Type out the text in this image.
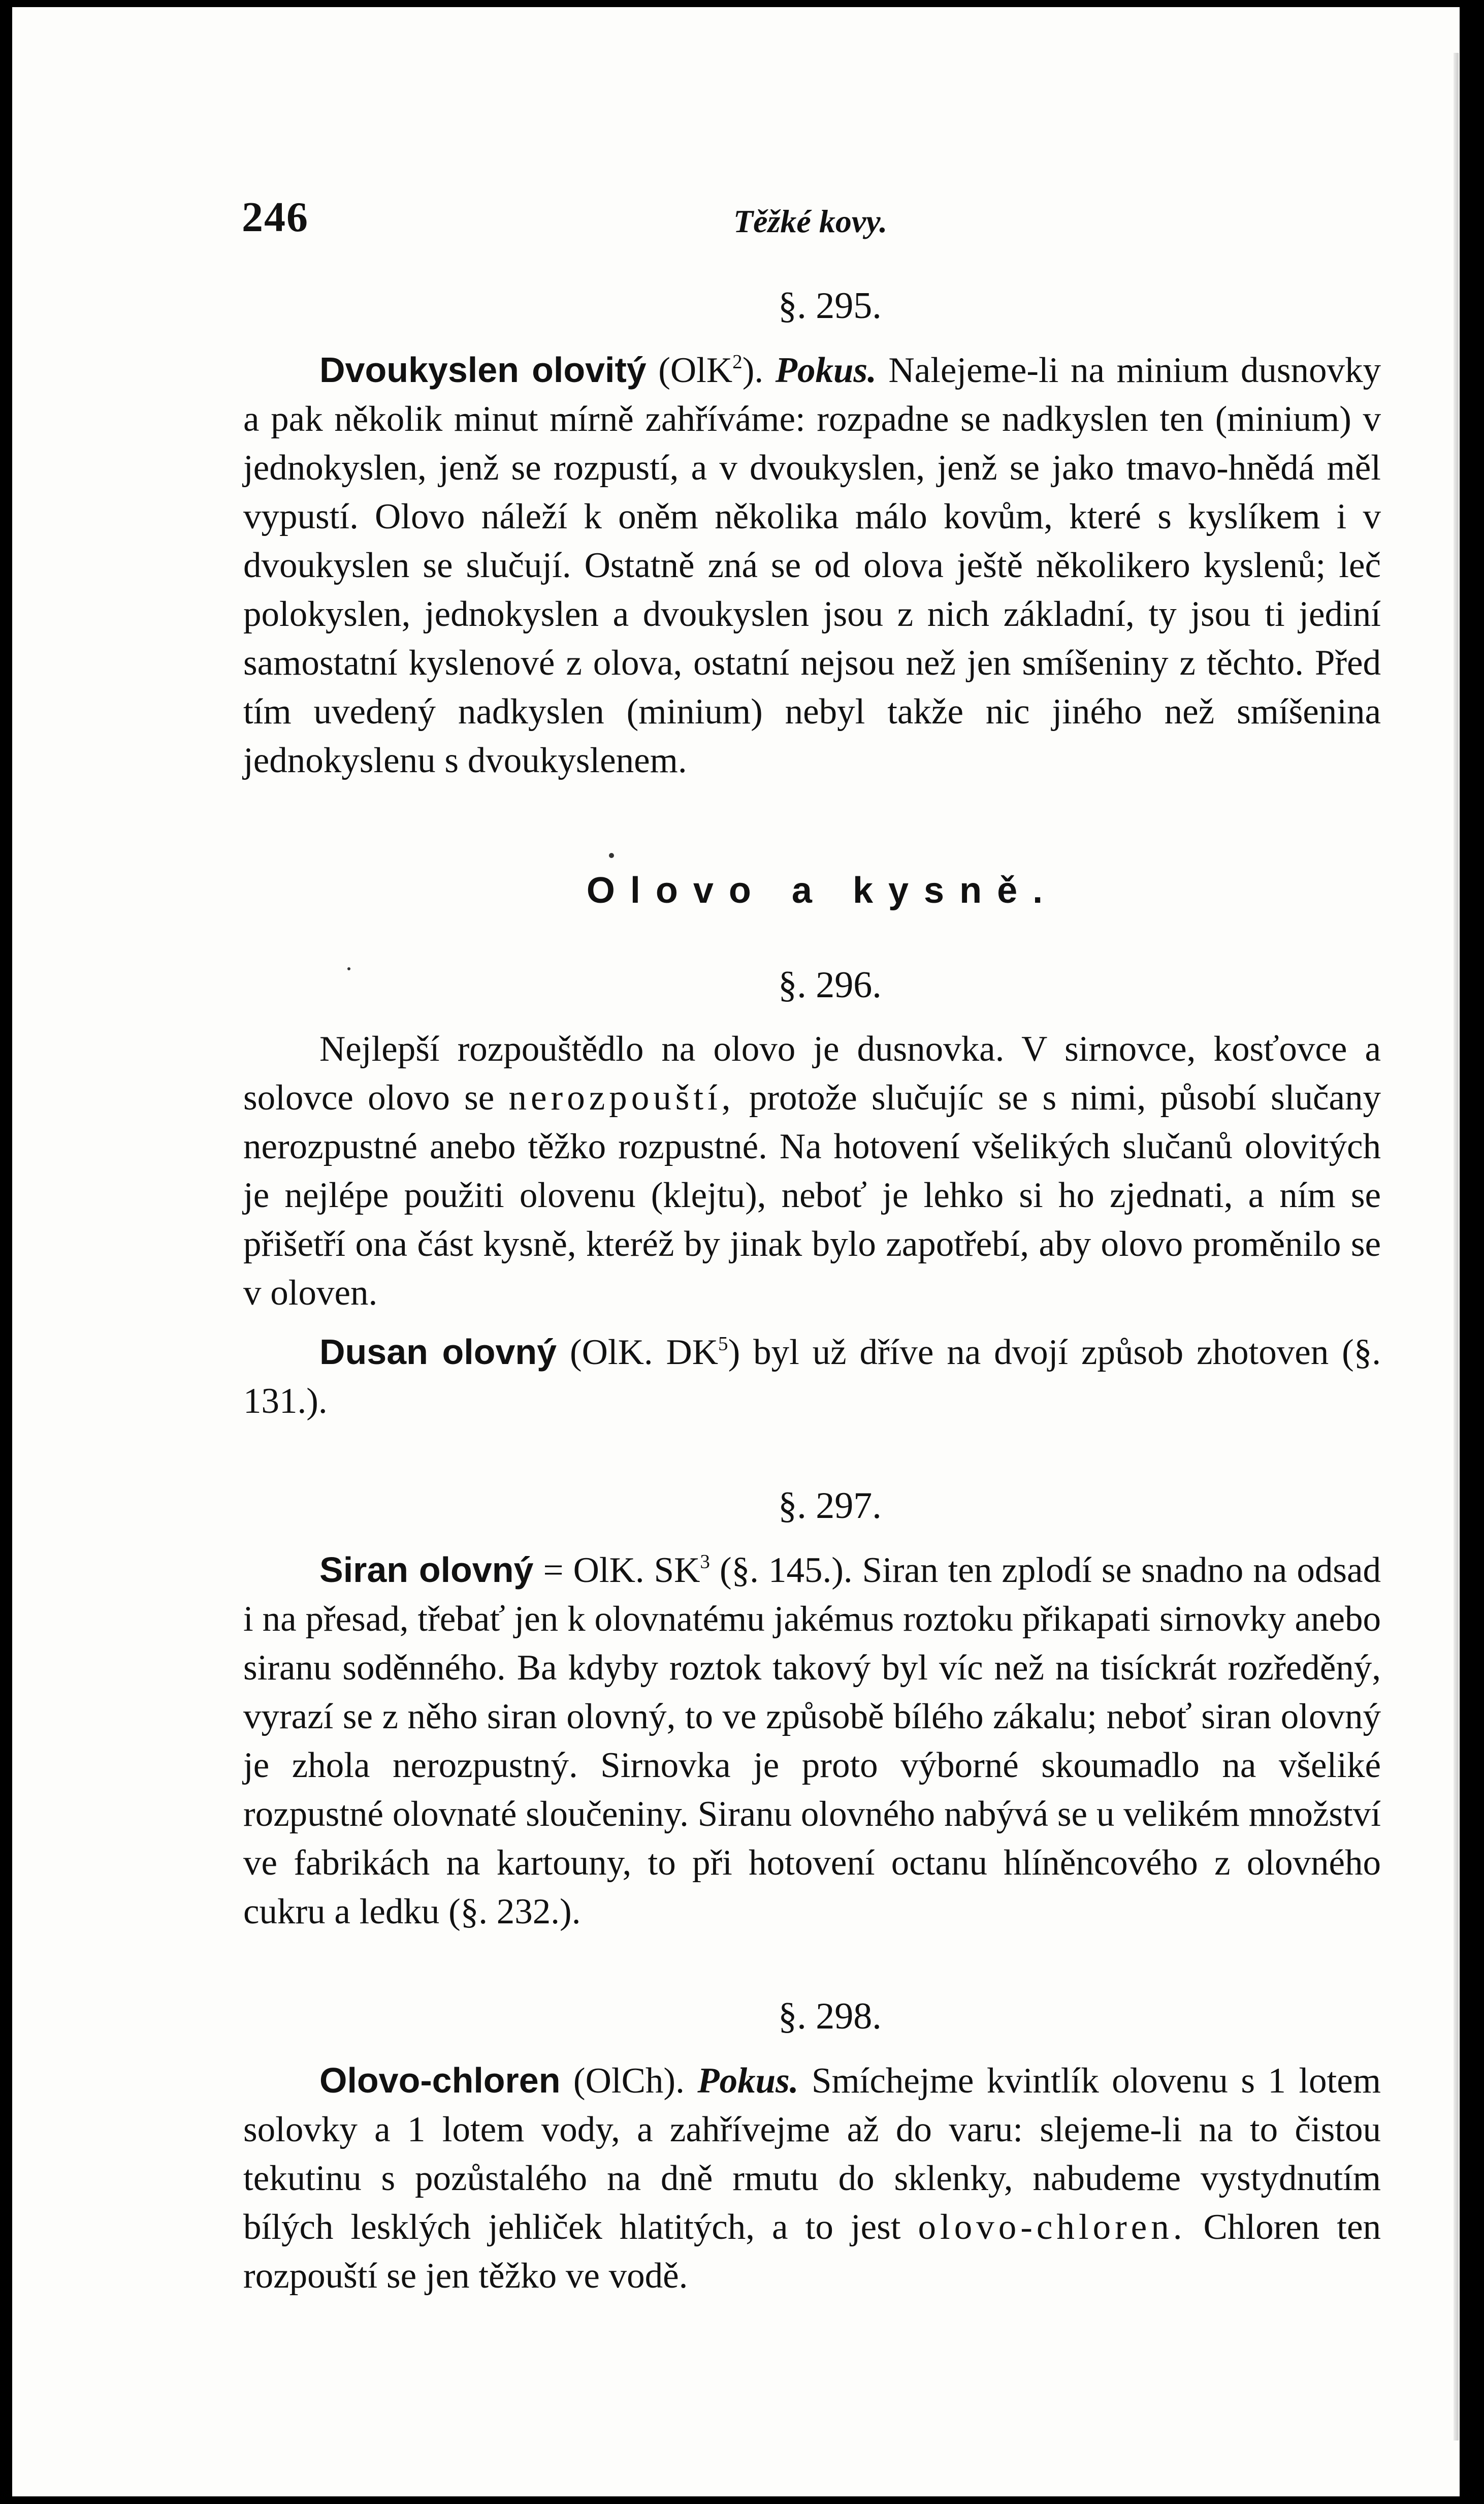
246	Těžké kovy.

§. 295.

Dvoukyslen olovitý (OlK$^2$). Pokus. Nalejeme-li na minium dusnovky a pak několik minut mírně zahříváme: rozpadne se nadkyslen ten (minium) v jednokyslen, jenž se rozpustí, a v dvoukyslen, jenž se jako tmavo-hnědá měl vypustí. Olovo náleží k oněm několika málo kovům, které s kyslíkem i v dvoukyslen se slučují. Ostatně zná se od olova ještě několikero kyslenů; leč polokyslen, jednokyslen a dvoukyslen jsou z nich základní, ty jsou ti jediní samostatní kyslenové z olova, ostatní nejsou než jen smíšeniny z těchto. Před tím uvedený nadkyslen (minium) nebyl takže nic jiného než smíšenina jednokyslenu s dvoukyslenem.

Olovo a kysně.

§. 296.

Nejlepší rozpouštědlo na olovo je dusnovka. V sirnovce, kosťovce a solovce olovo se nerozpouští, protože slučujíc se s nimi, působí slučany nerozpustné anebo těžko rozpustné. Na hotovení všelikých slučanů olovitých je nejlépe použiti olovenu (klejtu), neboť je lehko si ho zjednati, a ním se přišetří ona část kysně, kteréž by jinak bylo zapotřebí, aby olovo proměnilo se v oloven.

Dusan olovný (OlK. $DK^5$) byl už dříve na dvojí způsob zhotoven (§. 131.).

§. 297.

Siran olovný = OlK. $SK^3$ (§. 145.). Siran ten zplodí se snadno na odsad i na přesad, třebať jen k olovnatému jakémus roztoku přikapati sirnovky anebo siranu soděnného. Ba kdyby roztok takový byl víc než na tisíckrát rozředěný, vyrazí se z něho siran olovný, to ve způsobě bílého zákalu; neboť siran olovný je zhola nerozpustný. Sirnovka je proto výborné skoumadlo na všeliké rozpustné olovnaté sloučeniny. Siranu olovného nabývá se u velikém množství ve fabrikách na kartouny, to při hotovení octanu hlíněncového z olovného cukru a ledku (§. 232.).

§. 298.

Olovo-chloren (OlCh). Pokus. Smíchejme kvintlík olovenu s 1 lotem solovky a 1 lotem vody, a zahřívejme až do varu: slejeme-li na to čistou tekutinu s pozůstalého na dně rmutu do sklenky, nabudeme vystydnutím bílých lesklých jehliček hlatitých, a to jest olovo-chloren. Chloren ten rozpouští se jen těžko ve vodě.
